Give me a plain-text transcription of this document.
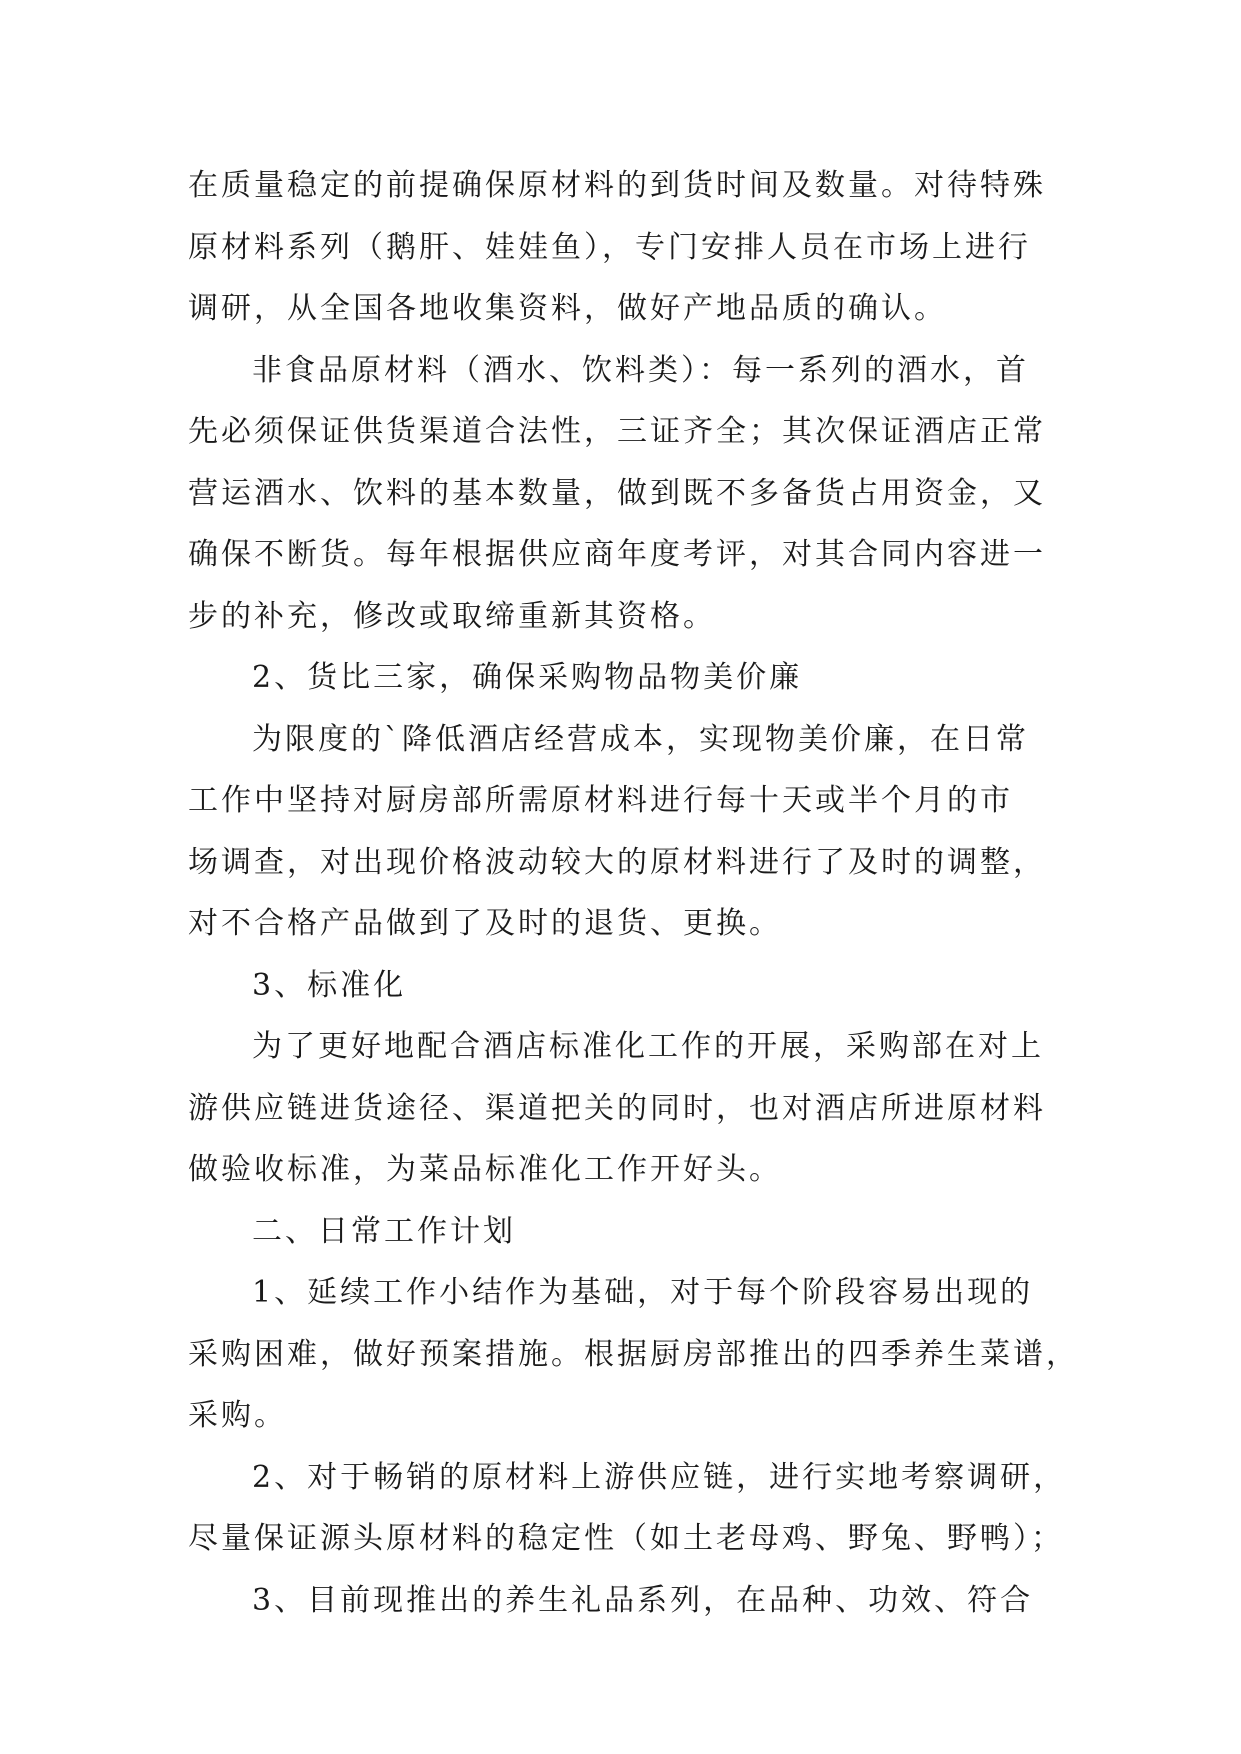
在质量稳定的前提确保原材料的到货时间及数量。对待特殊
原材料系列（鹅肝、娃娃鱼），专门安排人员在市场上进行
调研，从全国各地收集资料，做好产地品质的确认。
非食品原材料（酒水、饮料类）：每一系列的酒水，首
先必须保证供货渠道合法性，三证齐全；其次保证酒店正常
营运酒水、饮料的基本数量，做到既不多备货占用资金，又
确保不断货。每年根据供应商年度考评，对其合同内容进一
步的补充，修改或取缔重新其资格。
2、货比三家，确保采购物品物美价廉
为限度的`降低酒店经营成本，实现物美价廉，在日常
工作中坚持对厨房部所需原材料进行每十天或半个月的市
场调查，对出现价格波动较大的原材料进行了及时的调整，
对不合格产品做到了及时的退货、更换。
3、标准化
为了更好地配合酒店标准化工作的开展，采购部在对上
游供应链进货途径、渠道把关的同时，也对酒店所进原材料
做验收标准，为菜品标准化工作开好头。
二、日常工作计划
1、延续工作小结作为基础，对于每个阶段容易出现的
采购困难，做好预案措施。根据厨房部推出的四季养生菜谱，
采购。
2、对于畅销的原材料上游供应链，进行实地考察调研，
尽量保证源头原材料的稳定性（如土老母鸡、野兔、野鸭）；
3、目前现推出的养生礼品系列，在品种、功效、符合
